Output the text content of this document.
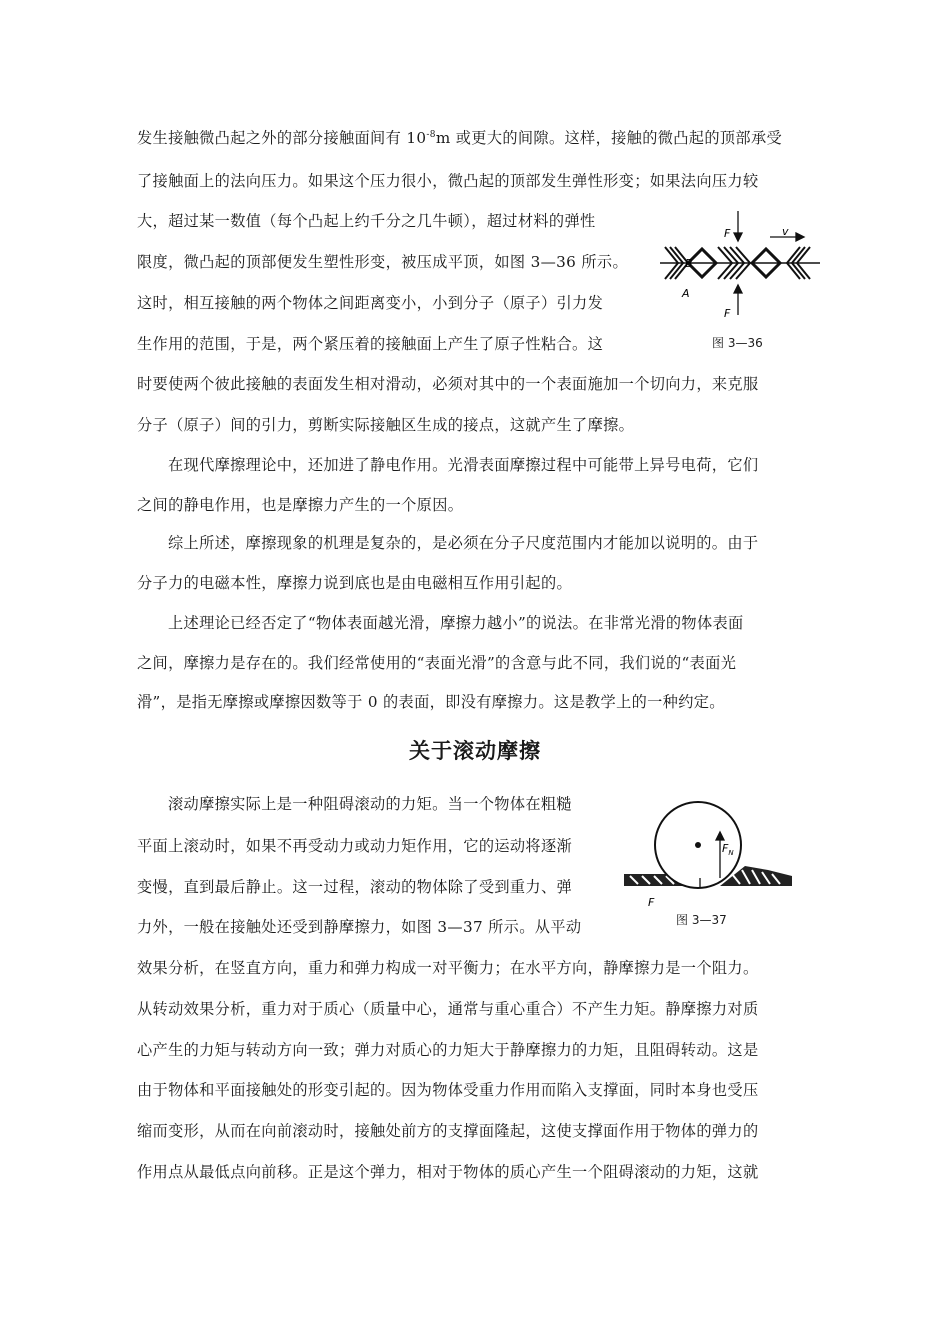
发生接触微凸起之外的部分接触面间有 $10^{-8}m$ 或更大的间隙。这样，接触的微凸起的顶部承受
了接触面上的法向压力。如果这个压力很小，微凸起的顶部发生弹性形变；如果法向压力较
大，超过某一数值（每个凸起上约千分之几牛顿），超过材料的弹性
限度，微凸起的顶部便发生塑性形变，被压成平顶，如图 3—36 所示。
这时，相互接触的两个物体之间距离变小，小到分子（原子）引力发
生作用的范围，于是，两个紧压着的接触面上产生了原子性粘合。这
时要使两个彼此接触的表面发生相对滑动，必须对其中的一个表面施加一个切向力，来克服
分子（原子）间的引力，剪断实际接触区生成的接点，这就产生了摩擦。
在现代摩擦理论中，还加进了静电作用。光滑表面摩擦过程中可能带上异号电荷，它们
之间的静电作用，也是摩擦力产生的一个原因。
综上所述，摩擦现象的机理是复杂的，是必须在分子尺度范围内才能加以说明的。由于
分子力的电磁本性，摩擦力说到底也是由电磁相互作用引起的。
上述理论已经否定了“物体表面越光滑，摩擦力越小”的说法。在非常光滑的物体表面
之间，摩擦力是存在的。我们经常使用的“表面光滑”的含意与此不同，我们说的“表面光
滑”，是指无摩擦或摩擦因数等于 0 的表面，即没有摩擦力。这是教学上的一种约定。
关于滚动摩擦
滚动摩擦实际上是一种阻碍滚动的力矩。当一个物体在粗糙
平面上滚动时，如果不再受动力或动力矩作用，它的运动将逐渐
变慢，直到最后静止。这一过程，滚动的物体除了受到重力、弹
力外，一般在接触处还受到静摩擦力，如图 3—37 所示。从平动
效果分析，在竖直方向，重力和弹力构成一对平衡力；在水平方向，静摩擦力是一个阻力。
从转动效果分析，重力对于质心（质量中心，通常与重心重合）不产生力矩。静摩擦力对质
心产生的力矩与转动方向一致；弹力对质心的力矩大于静摩擦力的力矩，且阻碍转动。这是
由于物体和平面接触处的形变引起的。因为物体受重力作用而陷入支撑面，同时本身也受压
缩而变形，从而在向前滚动时，接触处前方的支撑面隆起，这使支撑面作用于物体的弹力的
作用点从最低点向前移。正是这个弹力，相对于物体的质心产生一个阻碍滚动的力矩，这就
F
F
v
B
A
图 3—36
$F_N$
C
F
图 3—37
